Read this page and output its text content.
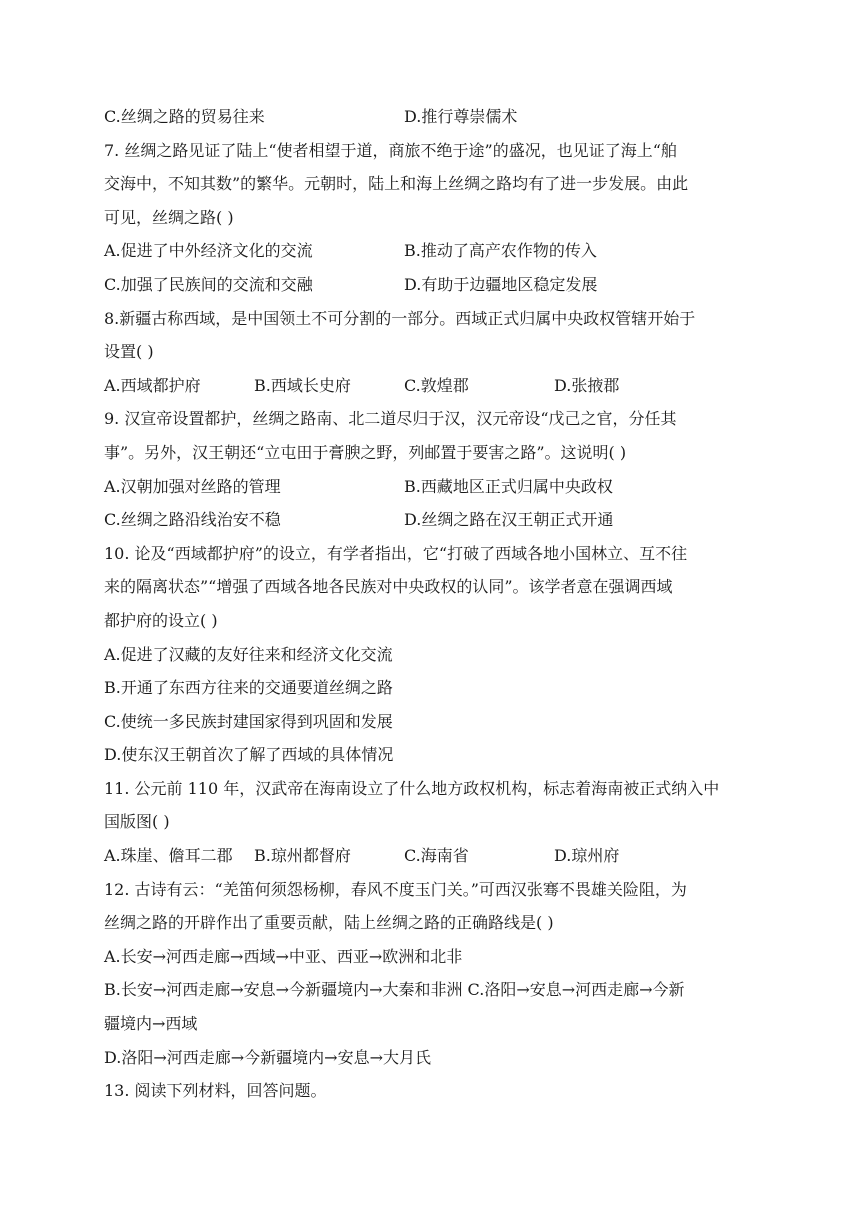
C.丝绸之路的贸易往来	D.推行尊崇儒术
7. 丝绸之路见证了陆上“使者相望于道，商旅不绝于途”的盛况，也见证了海上“舶
交海中，不知其数”的繁华。元朝时，陆上和海上丝绸之路均有了进一步发展。由此
可见，丝绸之路( )
A.促进了中外经济文化的交流	B.推动了高产农作物的传入
C.加强了民族间的交流和交融	D.有助于边疆地区稳定发展
8.新疆古称西域，是中国领土不可分割的一部分。西域正式归属中央政权管辖开始于
设置( )
A.西域都护府	B.西域长史府	C.敦煌郡	D.张掖郡
9. 汉宣帝设置都护，丝绸之路南、北二道尽归于汉，汉元帝设“戊己之官，分任其
事”。另外，汉王朝还“立屯田于膏腴之野，列邮置于要害之路”。这说明( )
A.汉朝加强对丝路的管理	B.西藏地区正式归属中央政权
C.丝绸之路沿线治安不稳	D.丝绸之路在汉王朝正式开通
10. 论及“西域都护府”的设立，有学者指出，它“打破了西域各地小国林立、互不往
来的隔离状态”“增强了西域各地各民族对中央政权的认同”。该学者意在强调西域
都护府的设立( )
A.促进了汉藏的友好往来和经济文化交流
B.开通了东西方往来的交通要道丝绸之路
C.使统一多民族封建国家得到巩固和发展
D.使东汉王朝首次了解了西域的具体情况
11. 公元前 110 年，汉武帝在海南设立了什么地方政权机构，标志着海南被正式纳入中
国版图( )
A.珠崖、儋耳二郡 B.琼州都督府	C.海南省	D.琼州府
12. 古诗有云：“羌笛何须怨杨柳，春风不度玉门关。”可西汉张骞不畏雄关险阻，为
丝绸之路的开辟作出了重要贡献，陆上丝绸之路的正确路线是( )
A.长安→河西走廊→西域→中亚、西亚→欧洲和北非
B.长安→河西走廊→安息→今新疆境内→大秦和非洲 C.洛阳→安息→河西走廊→今新
疆境内→西域
D.洛阳→河西走廊→今新疆境内→安息→大月氏
13. 阅读下列材料，回答问题。
